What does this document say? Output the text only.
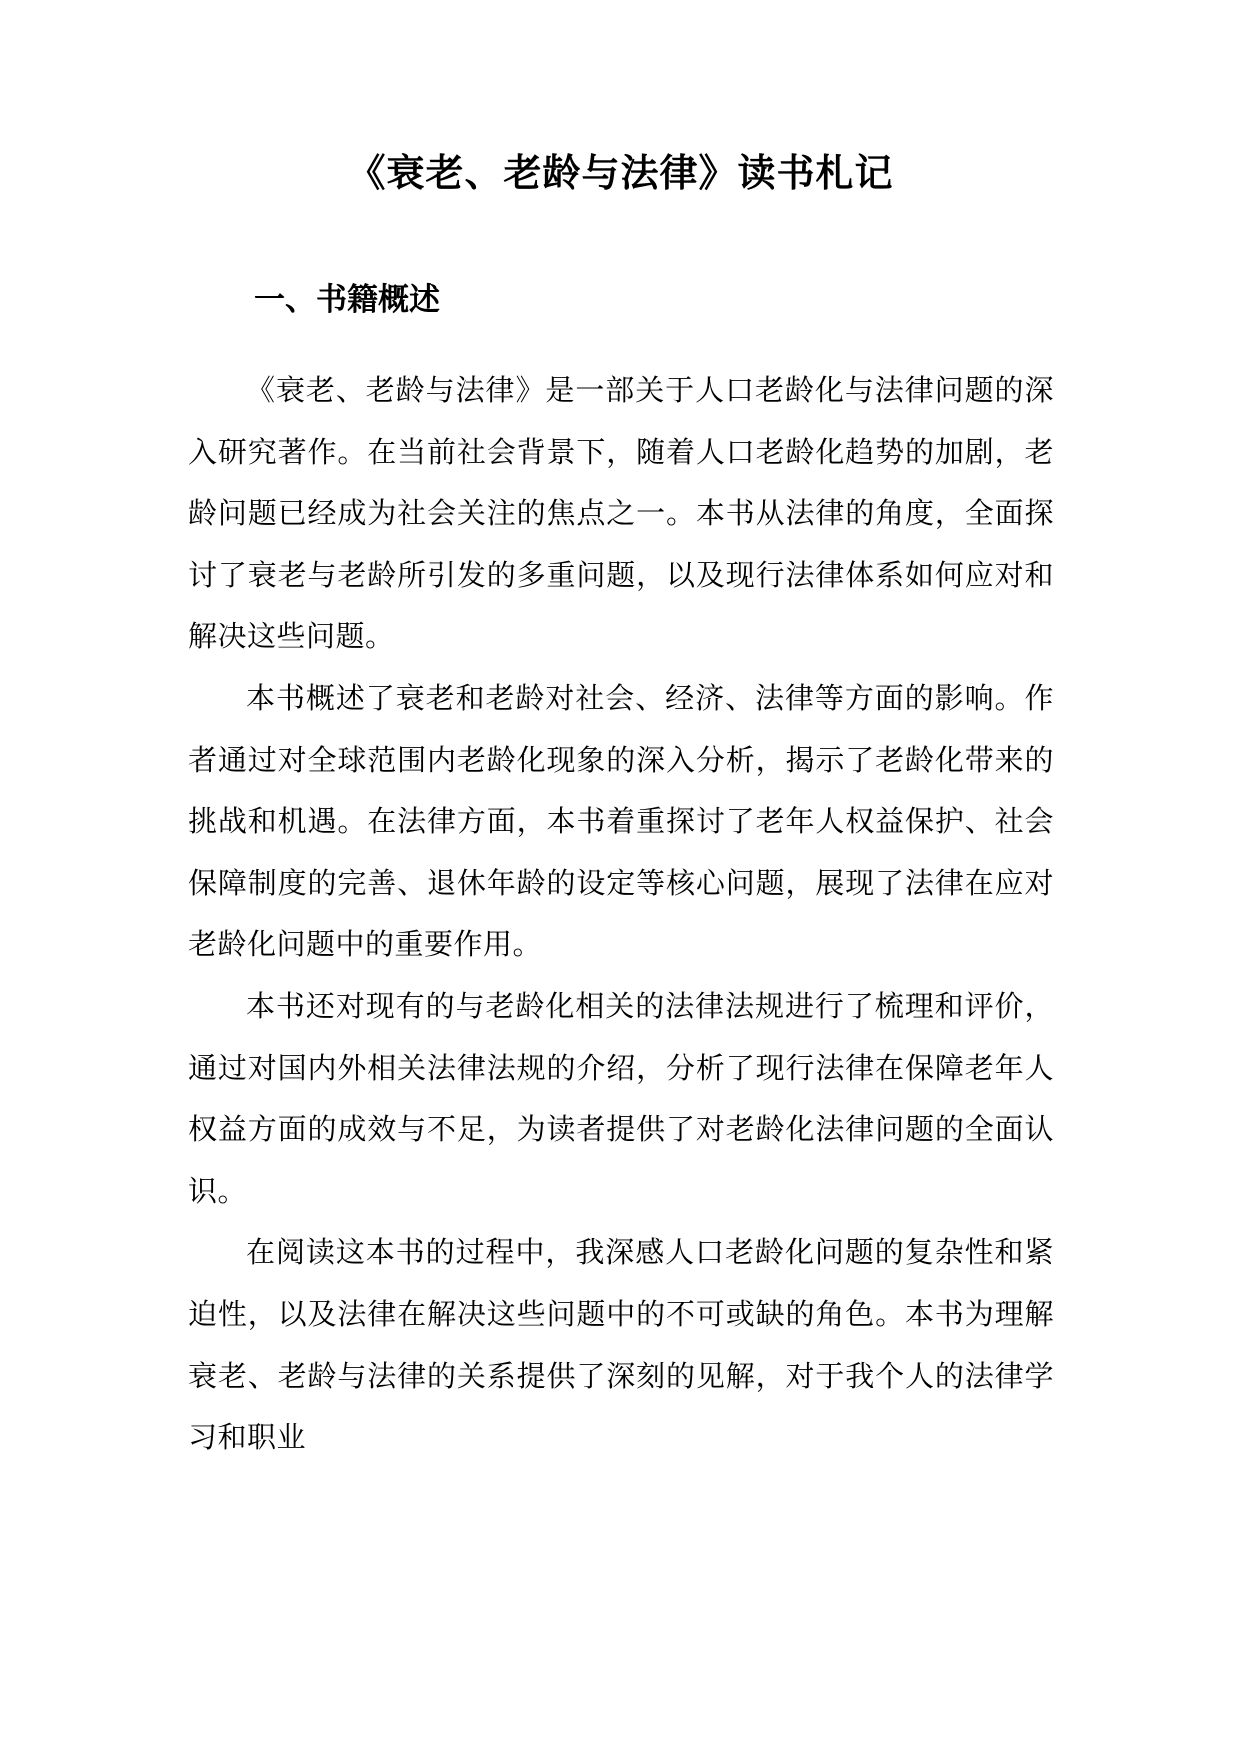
《衰老、老龄与法律》读书札记
一、书籍概述

《衰老、老龄与法律》是一部关于人口老龄化与法律问题的深入研究著作。在当前社会背景下，随着人口老龄化趋势的加剧，老龄问题已经成为社会关注的焦点之一。本书从法律的角度，全面探讨了衰老与老龄所引发的多重问题，以及现行法律体系如何应对和解决这些问题。

本书概述了衰老和老龄对社会、经济、法律等方面的影响。作者通过对全球范围内老龄化现象的深入分析，揭示了老龄化带来的挑战和机遇。在法律方面，本书着重探讨了老年人权益保护、社会保障制度的完善、退休年龄的设定等核心问题，展现了法律在应对老龄化问题中的重要作用。

本书还对现有的与老龄化相关的法律法规进行了梳理和评价，通过对国内外相关法律法规的介绍，分析了现行法律在保障老年人权益方面的成效与不足，为读者提供了对老龄化法律问题的全面认识。

在阅读这本书的过程中，我深感人口老龄化问题的复杂性和紧迫性，以及法律在解决这些问题中的不可或缺的角色。本书为理解衰老、老龄与法律的关系提供了深刻的见解，对于我个人的法律学习和职业
